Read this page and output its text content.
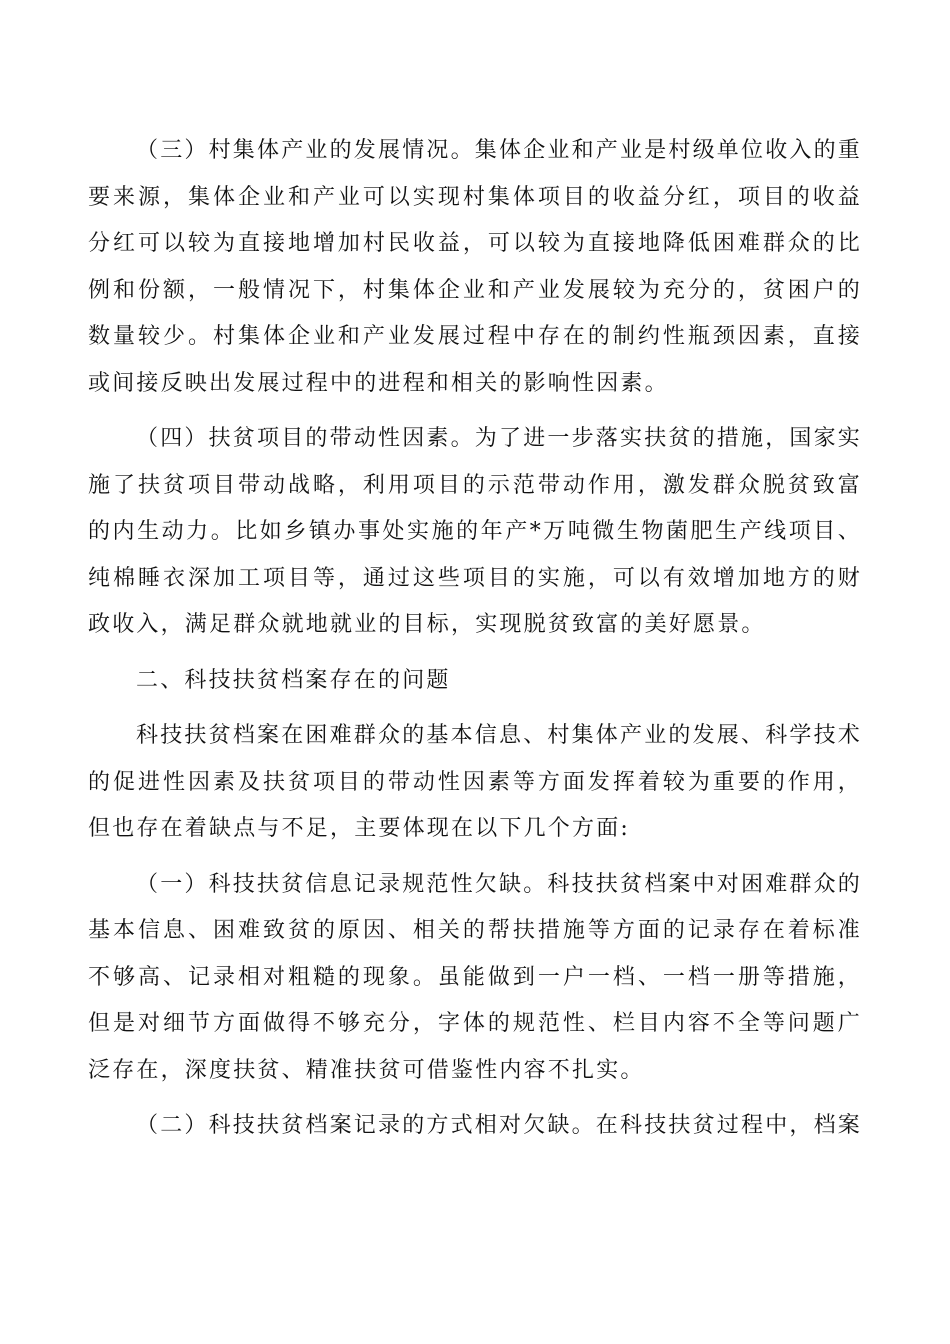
（三）村集体产业的发展情况。集体企业和产业是村级单位收入的重要来源，集体企业和产业可以实现村集体项目的收益分红，项目的收益分红可以较为直接地增加村民收益，可以较为直接地降低困难群众的比例和份额，一般情况下，村集体企业和产业发展较为充分的，贫困户的数量较少。村集体企业和产业发展过程中存在的制约性瓶颈因素，直接或间接反映出发展过程中的进程和相关的影响性因素。

（四）扶贫项目的带动性因素。为了进一步落实扶贫的措施，国家实施了扶贫项目带动战略，利用项目的示范带动作用，激发群众脱贫致富的内生动力。比如乡镇办事处实施的年产*万吨微生物菌肥生产线项目、纯棉睡衣深加工项目等，通过这些项目的实施，可以有效增加地方的财政收入，满足群众就地就业的目标，实现脱贫致富的美好愿景。

二、科技扶贫档案存在的问题

科技扶贫档案在困难群众的基本信息、村集体产业的发展、科学技术的促进性因素及扶贫项目的带动性因素等方面发挥着较为重要的作用，但也存在着缺点与不足，主要体现在以下几个方面:

（一）科技扶贫信息记录规范性欠缺。科技扶贫档案中对困难群众的基本信息、困难致贫的原因、相关的帮扶措施等方面的记录存在着标准不够高、记录相对粗糙的现象。虽能做到一户一档、一档一册等措施，但是对细节方面做得不够充分，字体的规范性、栏目内容不全等问题广泛存在，深度扶贫、精准扶贫可借鉴性内容不扎实。

（二）科技扶贫档案记录的方式相对欠缺。在科技扶贫过程中，档案
